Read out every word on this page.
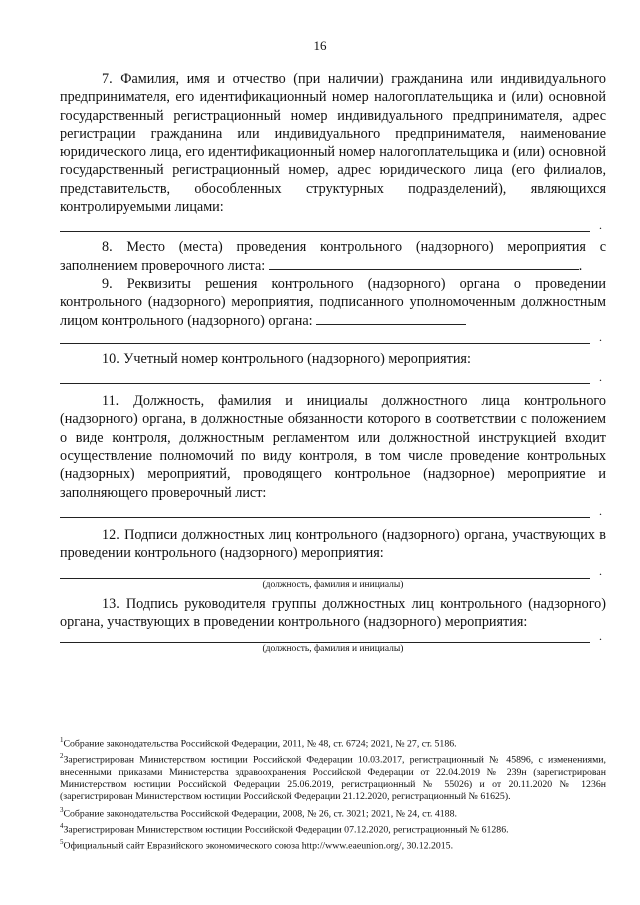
16

7. Фамилия, имя и отчество (при наличии) гражданина или индивидуального предпринимателя, его идентификационный номер налогоплательщика и (или) основной государственный регистрационный номер индивидуального предпринимателя, адрес регистрации гражданина или индивидуального предпринимателя, наименование юридического лица, его идентификационный номер налогоплательщика и (или) основной государственный регистрационный номер, адрес юридического лица (его филиалов, представительств, обособленных структурных подразделений), являющихся контролируемыми лицами:

.

8. Место (места) проведения контрольного (надзорного) мероприятия с заполнением проверочного листа:	.

9. Реквизиты решения контрольного (надзорного) органа о проведении контрольного (надзорного) мероприятия, подписанного уполномоченным должностным лицом контрольного (надзорного) органа:

.

10. Учетный номер контрольного (надзорного) мероприятия:

.

11. Должность, фамилия и инициалы должностного лица контрольного (надзорного) органа, в должностные обязанности которого в соответствии с положением о виде контроля, должностным регламентом или должностной инструкцией входит осуществление полномочий по виду контроля, в том числе проведение контрольных (надзорных) мероприятий, проводящего контрольное (надзорное) мероприятие и заполняющего проверочный лист:

.

12. Подписи должностных лиц контрольного (надзорного) органа, участвующих в проведении контрольного (надзорного) мероприятия:

.
(должность, фамилия и инициалы)

13. Подпись руководителя группы должностных лиц контрольного (надзорного) органа, участвующих в проведении контрольного (надзорного) мероприятия:

.
(должность, фамилия и инициалы)

$^1$Собрание законодательства Российской Федерации, 2011, № 48, ст. 6724; 2021, № 27, ст. 5186.

$^2$Зарегистрирован Министерством юстиции Российской Федерации 10.03.2017, регистрационный № 45896, с изменениями, внесенными приказами Министерства здравоохранения Российской Федерации от 22.04.2019 № 239н (зарегистрирован Министерством юстиции Российской Федерации 25.06.2019, регистрационный № 55026) и от 20.11.2020 № 1236н (зарегистрирован Министерством юстиции Российской Федерации 21.12.2020, регистрационный № 61625).

$^3$Собрание законодательства Российской Федерации, 2008, № 26, ст. 3021; 2021, № 24, ст. 4188.

$^4$Зарегистрирован Министерством юстиции Российской Федерации 07.12.2020, регистрационный № 61286.

$^5$Официальный сайт Евразийского экономического союза http://www.eaeunion.org/, 30.12.2015.
